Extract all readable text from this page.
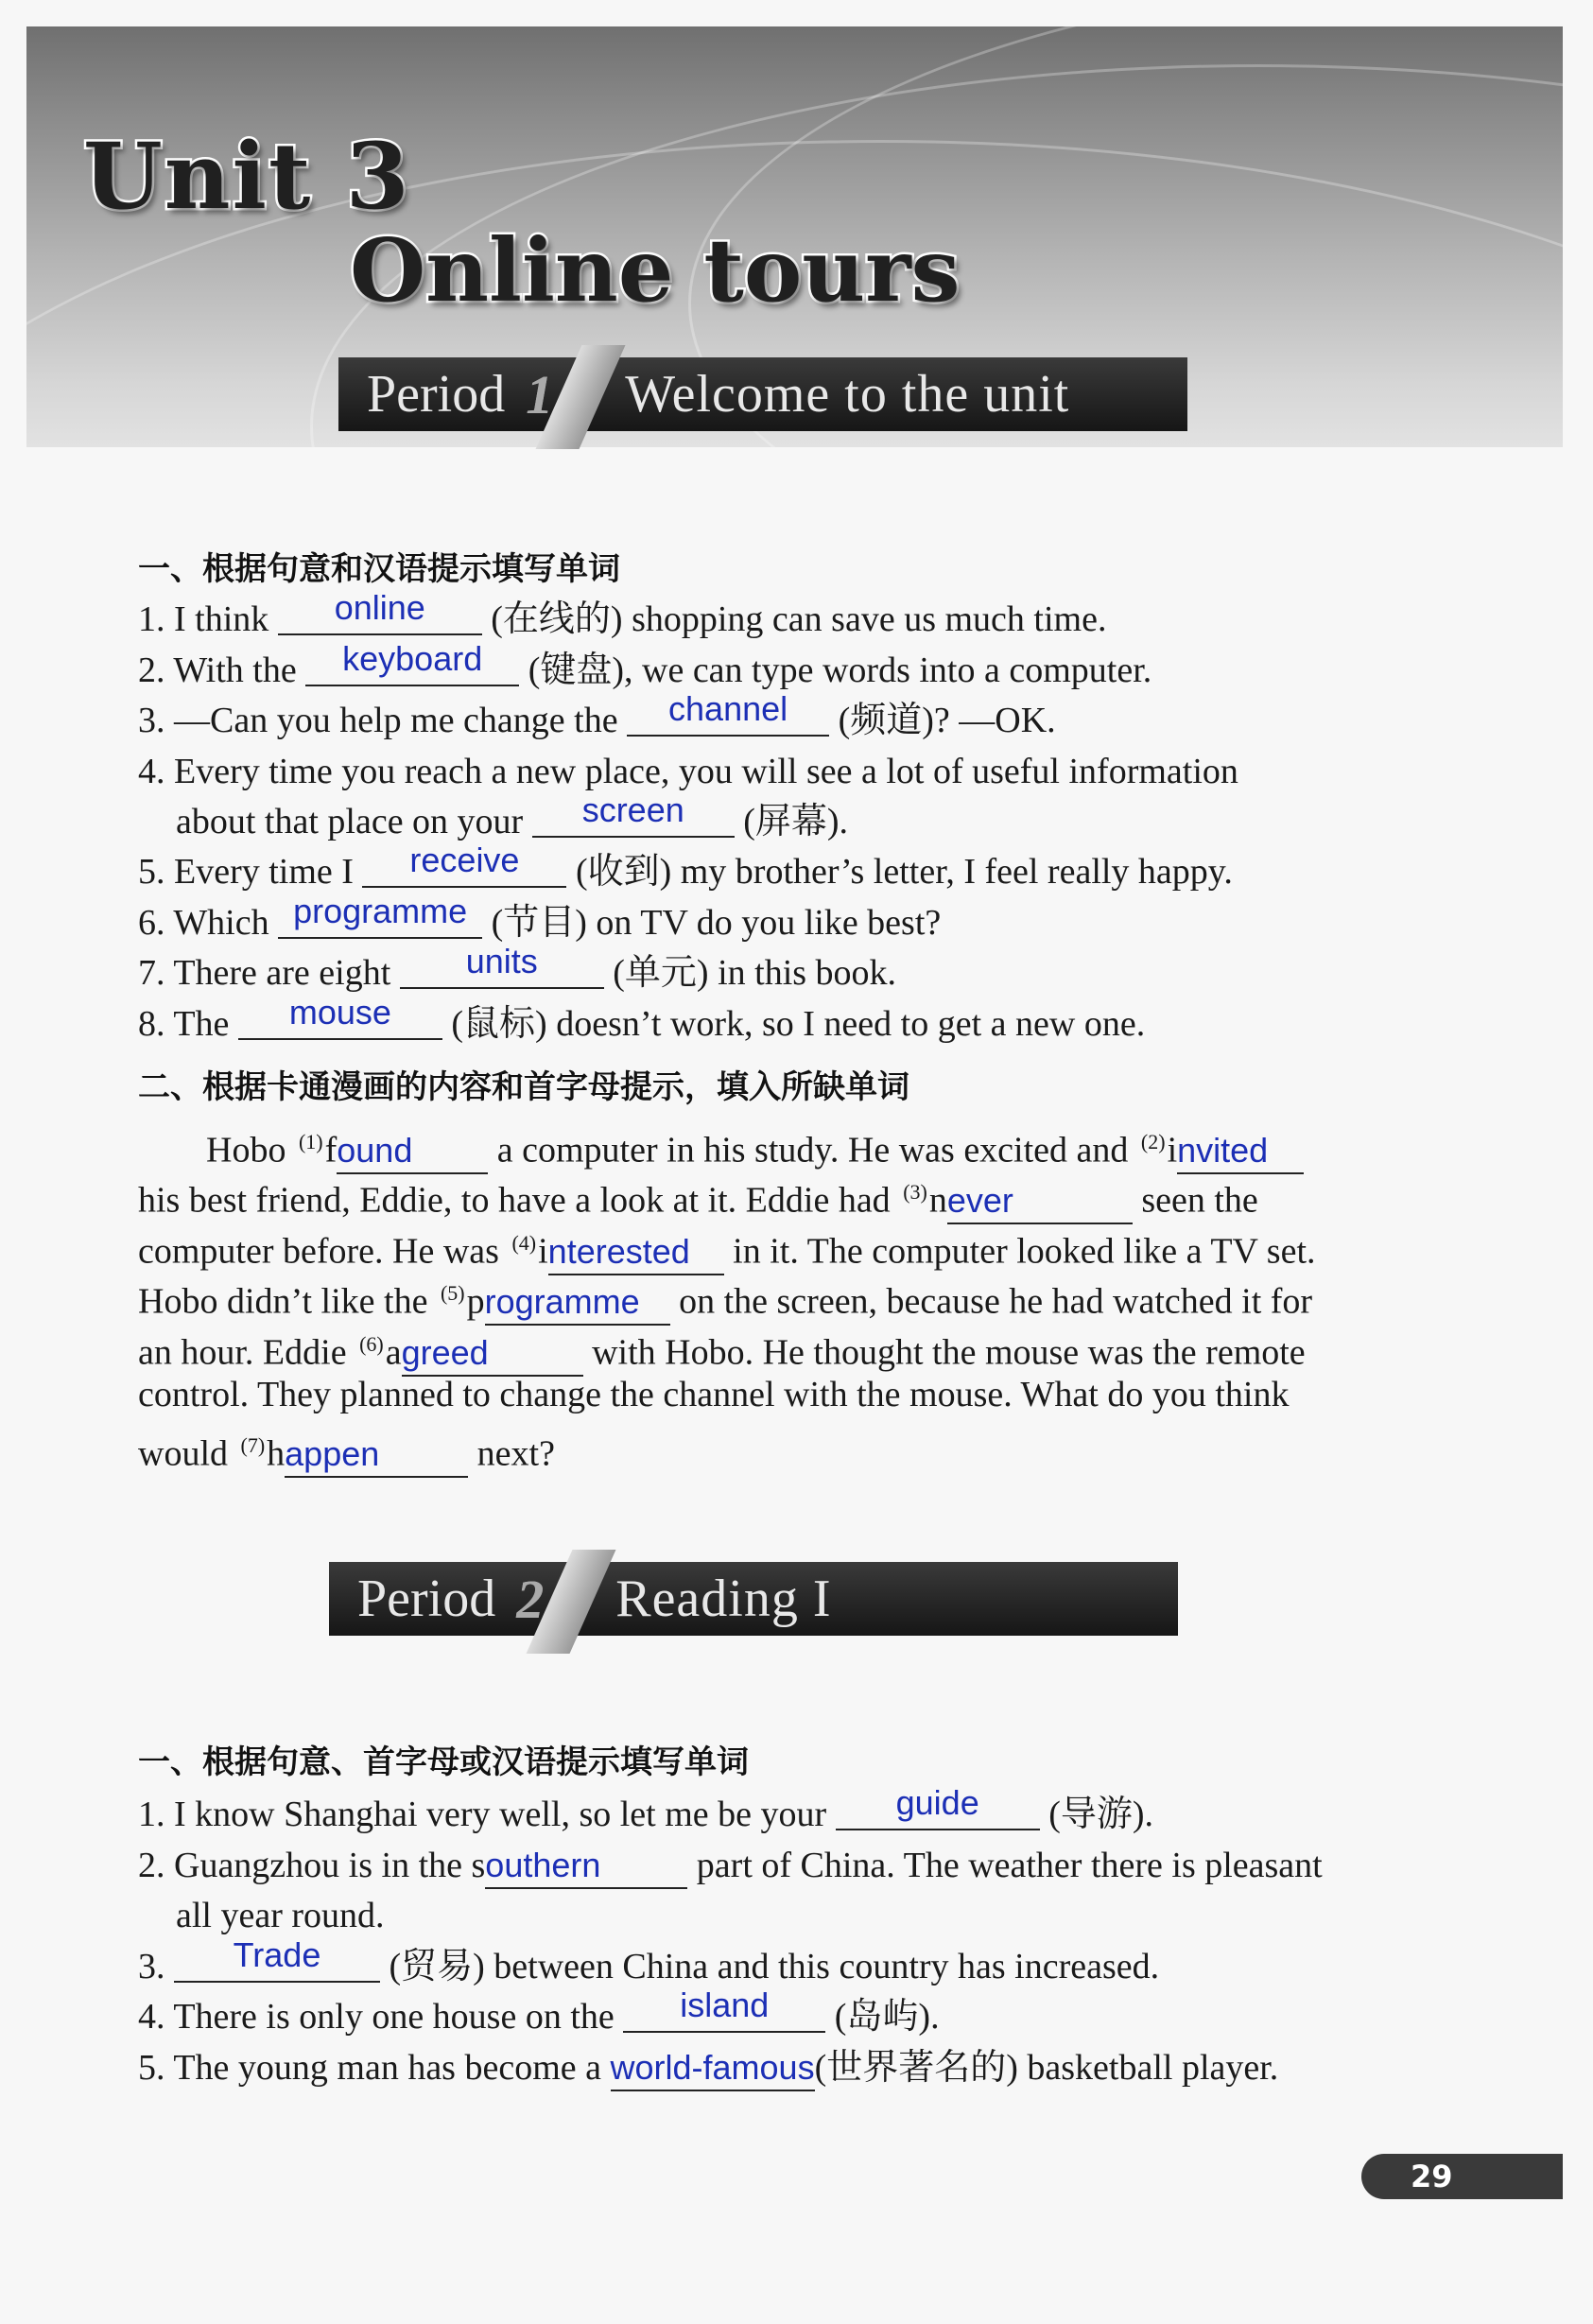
Unit 3
Online tours
Period 1 Welcome to the unit
一、根据句意和汉语提示填写单词
1. I think online (在线的) shopping can save us much time.
2. With the keyboard (键盘), we can type words into a computer.
3. —Can you help me change the channel (频道)? —OK.
4. Every time you reach a new place, you will see a lot of useful information
about that place on your screen (屏幕).
5. Every time I receive (收到) my brother’s letter, I feel really happy.
6. Which programme (节目) on TV do you like best?
7. There are eight units (单元) in this book.
8. The mouse (鼠标) doesn’t work, so I need to get a new one.
二、根据卡通漫画的内容和首字母提示，填入所缺单词
Hobo $^{(1)}$found a computer in his study. He was excited and $^{(2)}$invited
his best friend, Eddie, to have a look at it. Eddie had $^{(3)}$never	seen the
computer before. He was $^{(4)}$interested in it. The computer looked like a TV set.
Hobo didn’t like the $^{(5)}$programme on the screen, because he had watched it for
an hour. Eddie $^{(6)}$agreed	with Hobo. He thought the mouse was the remote
control. They planned to change the channel with the mouse. What do you think
would $^{(7)}$happen next?
Period 2 Reading I
一、根据句意、首字母或汉语提示填写单词
1. I know Shanghai very well, so let me be your guide (导游).
2. Guangzhou is in the southern part of China. The weather there is pleasant
all year round.
3. Trade (贸易) between China and this country has increased.
4. There is only one house on the island (岛屿).
5. The young man has become a world-famous(世界著名的) basketball player.
29
